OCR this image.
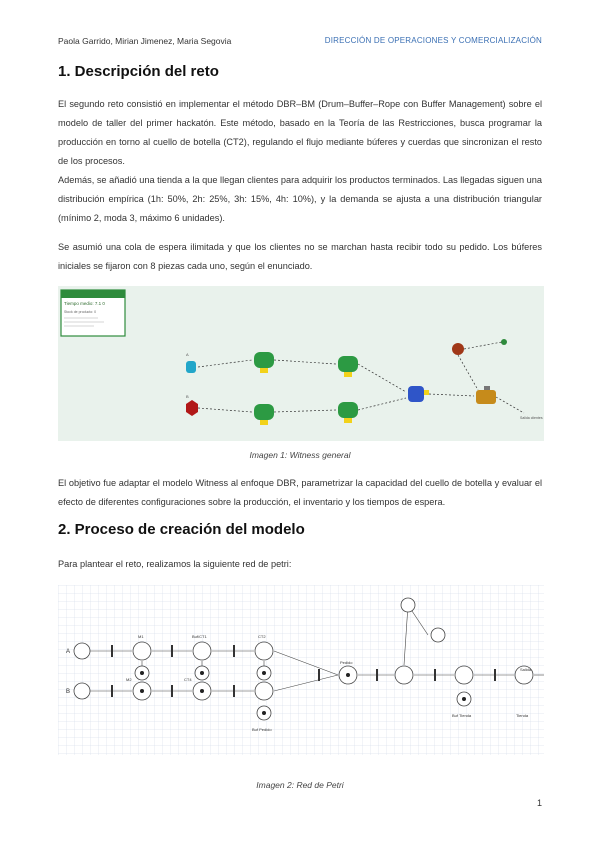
Paola Garrido, Mirian Jimenez, Maria Segovia	DIRECCIÓN DE OPERACIONES Y COMERCIALIZACIÓN
1. Descripción del reto

El segundo reto consistió en implementar el método DBR–BM (Drum–Buffer–Rope con Buffer Management) sobre el modelo de taller del primer hackatón. Este método, basado en la Teoría de las Restricciones, busca programar la producción en torno al cuello de botella (CT2), regulando el flujo mediante búferes y cuerdas que sincronizan el resto de los procesos.

Además, se añadió una tienda a la que llegan clientes para adquirir los productos terminados. Las llegadas siguen una distribución empírica (1h: 50%, 2h: 25%, 3h: 15%, 4h: 10%), y la demanda se ajusta a una distribución triangular (mínimo 2, moda 3, máximo 6 unidades).

Se asumió una cola de espera ilimitada y que los clientes no se marchan hasta recibir todo su pedido. Los búferes iniciales se fijaron con 8 piezas cada uno, según el enunciado.

Tiempo medio: 7.1 0
Stock de producto: 0
A
B
Salida clientes
Imagen 1: Witness general

El objetivo fue adaptar el modelo Witness al enfoque DBR, parametrizar la capacidad del cuello de botella y evaluar el efecto de diferentes configuraciones sobre la producción, el inventario y los tiempos de espera.

2. Proceso de creación del modelo

Para plantear el reto, realizamos la siguiente red de petri:

A
B
M1	Buf/CT1	CT2
M2	CT4
Pedido
Buf Pedido
Buf Tienda	Tienda
Salida
Imagen 2: Red de Petri
1
